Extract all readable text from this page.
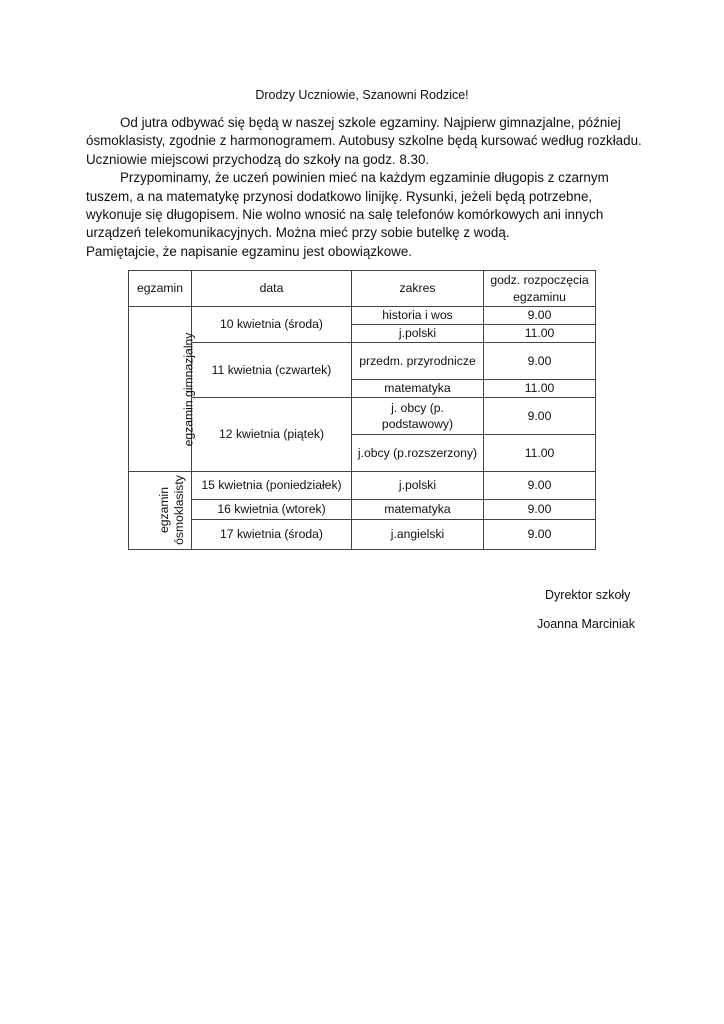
Drodzy Uczniowie, Szanowni Rodzice!

Od jutra odbywać się będą w naszej szkole egzaminy. Najpierw gimnazjalne, później ósmoklasisty, zgodnie z harmonogramem. Autobusy szkolne będą kursować według rozkładu. Uczniowie miejscowi przychodzą do szkoły na godz. 8.30.

Przypominamy, że uczeń powinien mieć na każdym egzaminie długopis z czarnym tuszem, a na matematykę przynosi dodatkowo linijkę. Rysunki, jeżeli będą potrzebne, wykonuje się długopisem. Nie wolno wnosić na salę telefonów komórkowych ani innych urządzeń telekomunikacyjnych. Można mieć przy sobie butelkę z wodą.

Pamiętajcie, że napisanie egzaminu jest obowiązkowe.

egzamin	data	zakres	godz. rozpoczęcia egzaminu
egzamin gimnazjalny	10 kwietnia (środa)	historia i wos	9.00
		j.polski	11.00
	11 kwietnia (czwartek)	przedm. przyrodnicze	9.00
		matematyka	11.00
	12 kwietnia (piątek)	j. obcy (p. podstawowy)	9.00
		j.obcy (p.rozszerzony)	11.00
egzamin ósmoklasisty	15 kwietnia (poniedziałek)	j.polski	9.00
	16 kwietnia (wtorek)	matematyka	9.00
	17 kwietnia (środa)	j.angielski	9.00
Dyrektor szkoły
Joanna Marciniak
